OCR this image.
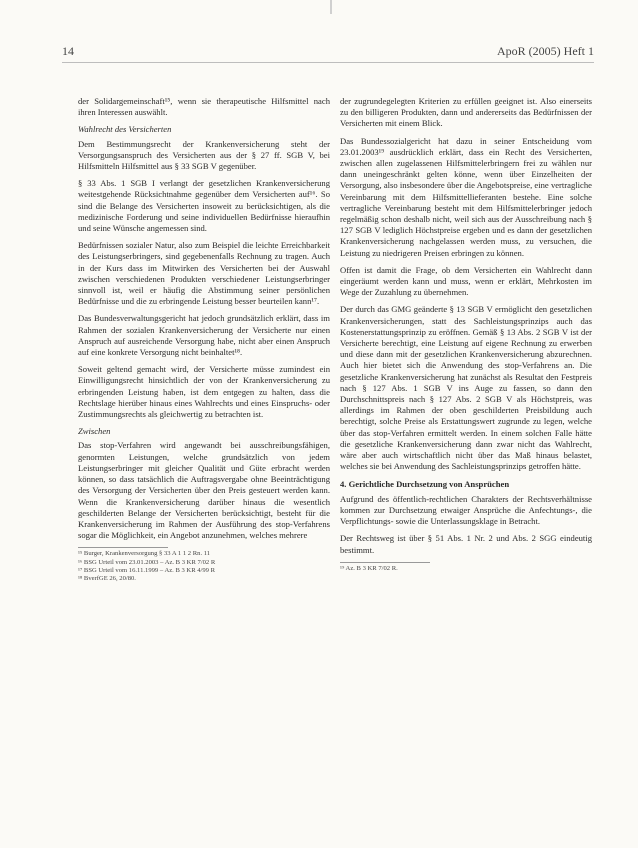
14	ApoR (2005) Heft 1

der Solidargemeinschaft¹⁵, wenn sie therapeutische Hilfsmittel nach ihren Interessen auswählt.

Wahlrecht des Versicherten

Dem Bestimmungsrecht der Krankenversicherung steht der Versorgungsanspruch des Versicherten aus der § 27 ff. SGB V, bei Hilfsmitteln Hilfsmittel aus § 33 SGB V gegenüber.

§ 33 Abs. 1 SGB I verlangt der gesetzlichen Krankenversicherung weitestgehende Rücksichtnahme gegenüber dem Versicherten auf¹⁶. So sind die Belange des Versicherten insoweit zu berücksichtigen, als die medizinische Forderung und seine individuellen Bedürfnisse hieraufhin und seine Wünsche angemessen sind.

Bedürfnissen sozialer Natur, also zum Beispiel die leichte Erreichbarkeit des Leistungserbringers, sind gegebenenfalls Rechnung zu tragen. Auch in der Kurs dass im Mitwirken des Versicherten bei der Auswahl zwischen verschiedenen Produkten verschiedener Leistungserbringer sinnvoll ist, weil er häufig die Abstimmung seiner persönlichen Bedürfnisse und die zu erbringende Leistung besser beurteilen kann¹⁷.

Das Bundesverwaltungsgericht hat jedoch grundsätzlich erklärt, dass im Rahmen der sozialen Krankenversicherung der Versicherte nur einen Anspruch auf ausreichende Versorgung habe, nicht aber einen Anspruch auf eine konkrete Versorgung nicht beinhaltet¹⁸.

Soweit geltend gemacht wird, der Versicherte müsse zumindest ein Einwilligungsrecht hinsichtlich der von der Krankenversicherung zu erbringenden Leistung haben, ist dem entgegen zu halten, dass die Rechtslage hierüber hinaus eines Wahlrechts und eines Einspruchs- oder Zustimmungsrechts als gleichwertig zu betrachten ist.

Zwischen

Das stop-Verfahren wird angewandt bei ausschreibungsfähigen, genormten Leistungen, welche grundsätzlich von jedem Leistungserbringer mit gleicher Qualität und Güte erbracht werden können, so dass tatsächlich die Auftragsvergabe ohne Beeinträchtigung des Versorgung der Versicherten über den Preis gesteuert werden kann. Wenn die Krankenversicherung darüber hinaus die wesentlich geschilderten Belange der Versicherten berücksichtigt, besteht für die Krankenversicherung im Rahmen der Ausführung des stop-Verfahrens sogar die Möglichkeit, ein Angebot anzunehmen, welches mehrere

¹⁵ Burger, Krankenversorgung § 33 A 1 1 2 Rn. 11
¹⁶ BSG Urteil vom 23.01.2003 – Az. B 3 KR 7/02 R
¹⁷ BSG Urteil vom 16.11.1999 – Az. B 3 KR 4/99 R
¹⁸ BverfGE 26, 20/80.

der zugrundegelegten Kriterien zu erfüllen geeignet ist. Also einerseits zu den billigeren Produkten, dann und andererseits das Bedürfnissen der Versicherten mit einem Blick.

Das Bundessozialgericht hat dazu in seiner Entscheidung vom 23.01.2003¹⁹ ausdrücklich erklärt, dass ein Recht des Versicherten, zwischen allen zugelassenen Hilfsmittelerbringern frei zu wählen nur dann uneingeschränkt gelten könne, wenn über Einzelheiten der Versorgung, also insbesondere über die Angebotspreise, eine vertragliche Vereinbarung mit dem Hilfsmittellieferanten bestehe. Eine solche vertragliche Vereinbarung besteht mit dem Hilfsmittelerbringer jedoch regelmäßig schon deshalb nicht, weil sich aus der Ausschreibung nach § 127 SGB V lediglich Höchstpreise ergeben und es dann der gesetzlichen Krankenversicherung nachgelassen werden muss, zu versuchen, die Leistung zu niedrigeren Preisen erbringen zu können.

Offen ist damit die Frage, ob dem Versicherten ein Wahlrecht dann eingeräumt werden kann und muss, wenn er erklärt, Mehrkosten im Wege der Zuzahlung zu übernehmen.

Der durch das GMG geänderte § 13 SGB V ermöglicht den gesetzlichen Krankenversicherungen, statt des Sachleistungsprinzips auch das Kostenerstattungsprinzip zu eröffnen. Gemäß § 13 Abs. 2 SGB V ist der Versicherte berechtigt, eine Leistung auf eigene Rechnung zu erwerben und diese dann mit der gesetzlichen Krankenversicherung abzurechnen. Auch hier bietet sich die Anwendung des stop-Verfahrens an. Die gesetzliche Krankenversicherung hat zunächst als Resultat den Festpreis nach § 127 Abs. 1 SGB V ins Auge zu fassen, so dann den Durchschnittspreis nach § 127 Abs. 2 SGB V als Höchstpreis, was allerdings im Rahmen der oben geschilderten Preisbildung auch berechtigt, solche Preise als Erstattungswert zugrunde zu legen, welche über das stop-Verfahren ermittelt werden. In einem solchen Falle hätte die gesetzliche Krankenversicherung dann zwar nicht das Wahlrecht, wäre aber auch wirtschaftlich nicht über das Maß hinaus belastet, welches sie bei Anwendung des Sachleistungsprinzips getroffen hätte.

4. Gerichtliche Durchsetzung von Ansprüchen

Aufgrund des öffentlich-rechtlichen Charakters der Rechtsverhältnisse kommen zur Durchsetzung etwaiger Ansprüche die Anfechtungs-, die Verpflichtungs- sowie die Unterlassungsklage in Betracht.

Der Rechtsweg ist über § 51 Abs. 1 Nr. 2 und Abs. 2 SGG eindeutig bestimmt.

¹⁹ Az. B 3 KR 7/02 R.
